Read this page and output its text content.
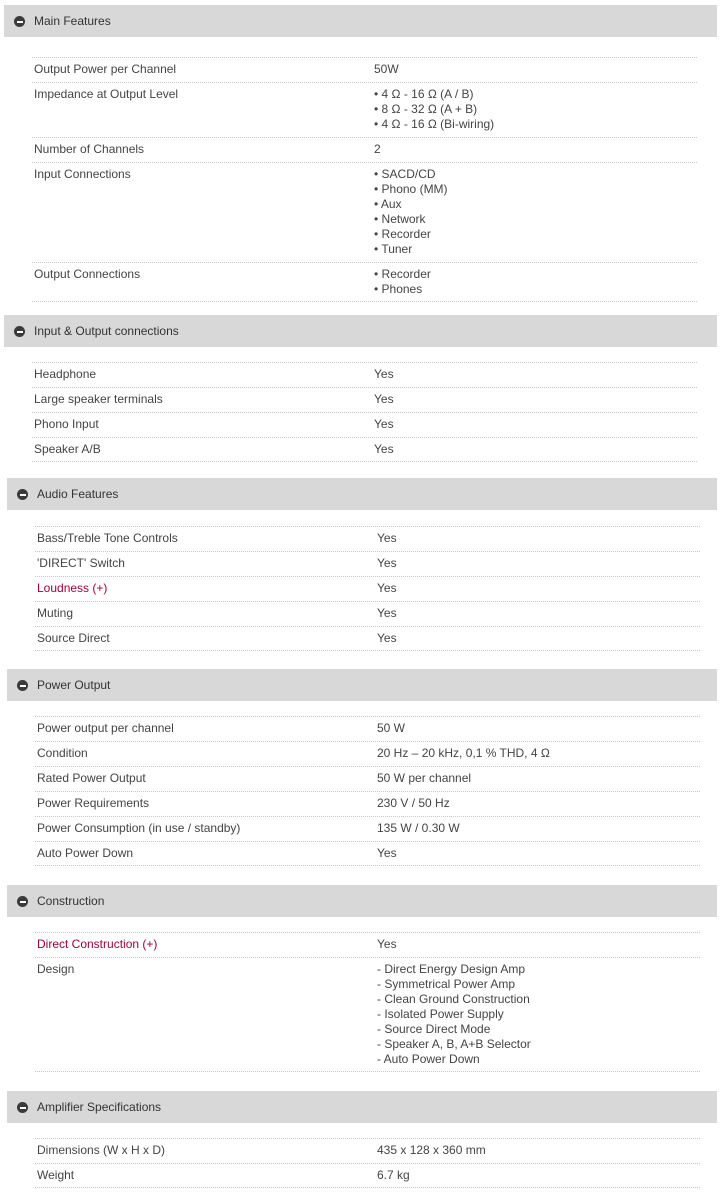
Main Features
Output Power per Channel	50W
Impedance at Output Level	• 4 Ω - 16 Ω (A / B)
• 8 Ω - 32 Ω (A + B)
• 4 Ω - 16 Ω (Bi-wiring)
Number of Channels	2
Input Connections	• SACD/CD
• Phono (MM)
• Aux
• Network
• Recorder
• Tuner
Output Connections	• Recorder
• Phones
Input & Output connections
Headphone	Yes
Large speaker terminals	Yes
Phono Input	Yes
Speaker A/B	Yes
Audio Features
Bass/Treble Tone Controls	Yes
'DIRECT' Switch	Yes
Loudness (+)	Yes
Muting	Yes
Source Direct	Yes
Power Output
Power output per channel	50 W
Condition	20 Hz – 20 kHz, 0,1 % THD, 4 Ω
Rated Power Output	50 W per channel
Power Requirements	230 V / 50 Hz
Power Consumption (in use / standby)	135 W / 0.30 W
Auto Power Down	Yes
Construction
Direct Construction (+)	Yes
Design	- Direct Energy Design Amp
- Symmetrical Power Amp
- Clean Ground Construction
- Isolated Power Supply
- Source Direct Mode
- Speaker A, B, A+B Selector
- Auto Power Down
Amplifier Specifications
Dimensions (W x H x D)	435 x 128 x 360 mm
Weight	6.7 kg
